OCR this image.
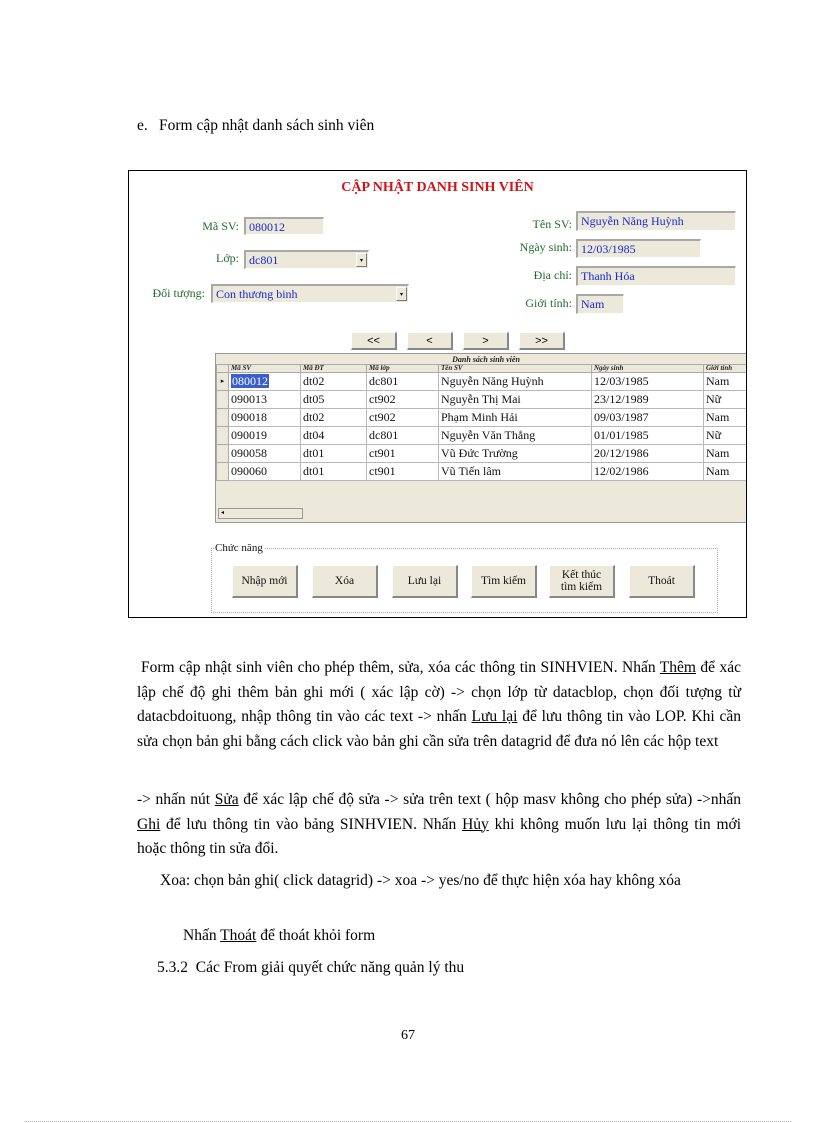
e. Form cập nhật danh sách sinh viên
CẬP NHẬT DANH SINH VIÊN
Mã SV: 080012
Lớp: dc801	▾
Đối tượng: Con thương binh	▾
Tên SV: Nguyễn Năng Huỳnh
Ngày sinh: 12/03/1985
Địa chỉ: Thanh Hóa
Giới tính: Nam
<<	<	>	>>
Danh sách sinh viên
	Mã SV	Mã ĐT	Mã lớp	Tên SV	Ngày sinh	Giới tính
▸	080012	dt02	dc801	Nguyễn Năng Huỳnh	12/03/1985	Nam
	090013	dt05	ct902	Nguyễn Thị Mai	23/12/1989	Nữ
	090018	dt02	ct902	Phạm Minh Hải	09/03/1987	Nam
	090019	dt04	dc801	Nguyễn Văn Thắng	01/01/1985	Nữ
	090058	dt01	ct901	Vũ Đức Trường	20/12/1986	Nam
	090060	dt01	ct901	Vũ Tiến lâm	12/02/1986	Nam
◂
Chức năng
Nhập mới	Xóa	Lưu lại	Tìm kiếm	Kết thúc
tìm kiếm	Thoát
Form cập nhật sinh viên cho phép thêm, sửa, xóa các thông tin SINHVIEN. Nhấn Thêm để xác lập chế độ ghi thêm bản ghi mới ( xác lập cờ) -> chọn lớp từ datacblop, chọn đối tượng từ datacbdoituong, nhập thông tin vào các text -> nhấn Lưu lại để lưu thông tin vào LOP. Khi cần sửa chọn bản ghi bằng cách click vào bản ghi cần sửa trên datagrid để đưa nó lên các hộp text
-> nhấn nút Sửa để xác lập chế độ sửa -> sửa trên text ( hộp masv không cho phép sửa) ->nhấn Ghi để lưu thông tin vào bảng SINHVIEN. Nhấn Hủy khi không muốn lưu lại thông tin mới hoặc thông tin sửa đổi.
Xoa: chọn bản ghi( click datagrid) -> xoa -> yes/no để thực hiện xóa hay không xóa
Nhấn Thoát để thoát khỏi form
5.3.2 Các From giải quyết chức năng quản lý thu
67
